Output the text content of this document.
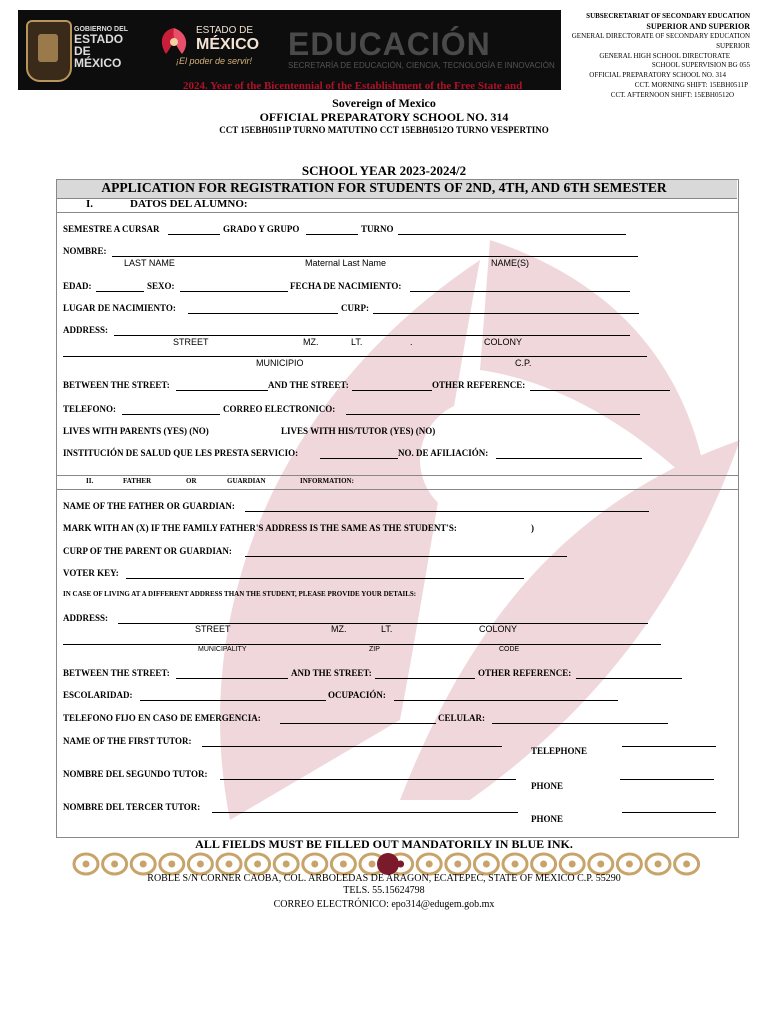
GOBIERNO DEL
ESTADO DE
MÉXICO
ESTADO DE
MÉXICO
¡El poder de servir! EDUCACIÓN
SECRETARÍA DE EDUCACIÓN, CIENCIA, TECNOLOGÍA E INNOVACIÓN
2024. Year of the Bicentennial of the Establishment of the Free State and
SUBSECRETARIAT OF SECONDARY EDUCATION
SUPERIOR AND SUPERIOR
GENERAL DIRECTORATE OF SECONDARY EDUCATION
SUPERIOR
GENERAL HIGH SCHOOL DIRECTORATE
SCHOOL SUPERVISION BG 055
OFFICIAL PREPARATORY SCHOOL NO. 314
CCT. MORNING SHIFT: 15EBH0511P
CCT. AFTERNOON SHIFT: 15EBH0512O
Sovereign of Mexico
OFFICIAL PREPARATORY SCHOOL NO. 314
CCT 15EBH0511P TURNO MATUTINO CCT 15EBH0512O TURNO VESPERTINO
SCHOOL YEAR 2023-2024/2
APPLICATION FOR REGISTRATION FOR STUDENTS OF 2ND, 4TH, AND 6TH SEMESTER
I.	DATOS DEL ALUMNO:
SEMESTRE A CURSAR	GRADO Y GRUPO	TURNO
NOMBRE:
LAST NAME	Maternal Last Name	NAME(S)
EDAD:	SEXO:	FECHA DE NACIMIENTO:
LUGAR DE NACIMIENTO:	CURP:
ADDRESS:
STREET	MZ.	LT.	.	COLONY
MUNICIPIO	C.P.
BETWEEN THE STREET:	AND THE STREET:	OTHER REFERENCE:
TELEFONO:	CORREO ELECTRONICO:
LIVES WITH PARENTS (YES) (NO)	LIVES WITH HIS/TUTOR (YES) (NO)
INSTITUCIÓN DE SALUD QUE LES PRESTA SERVICIO:	NO. DE AFILIACIÓN:
II.	FATHER	OR	GUARDIAN	INFORMATION:
NAME OF THE FATHER OR GUARDIAN:
MARK WITH AN (X) IF THE FAMILY FATHER'S ADDRESS IS THE SAME AS THE STUDENT'S:	)
CURP OF THE PARENT OR GUARDIAN:
VOTER KEY:
IN CASE OF LIVING AT A DIFFERENT ADDRESS THAN THE STUDENT, PLEASE PROVIDE YOUR DETAILS:
ADDRESS:
STREET	MZ.	LT.	COLONY
MUNICIPALITY	ZIP	CODE
BETWEEN THE STREET:	AND THE STREET:	OTHER REFERENCE:
ESCOLARIDAD:	OCUPACIÓN:
TELEFONO FIJO EN CASO DE EMERGENCIA:	CELULAR:
NAME OF THE FIRST TUTOR:
TELEPHONE
NOMBRE DEL SEGUNDO TUTOR:
PHONE
NOMBRE DEL TERCER TUTOR:
PHONE
ALL FIELDS MUST BE FILLED OUT MANDATORILY IN BLUE INK.
ROBLE S/N CORNER CAOBA, COL. ARBOLEDAS DE ARAGON, ECATEPEC, STATE OF MEXICO C.P. 55290
TELS. 55.15624798
CORREO ELECTRÓNICO: epo314@edugem.gob.mx
